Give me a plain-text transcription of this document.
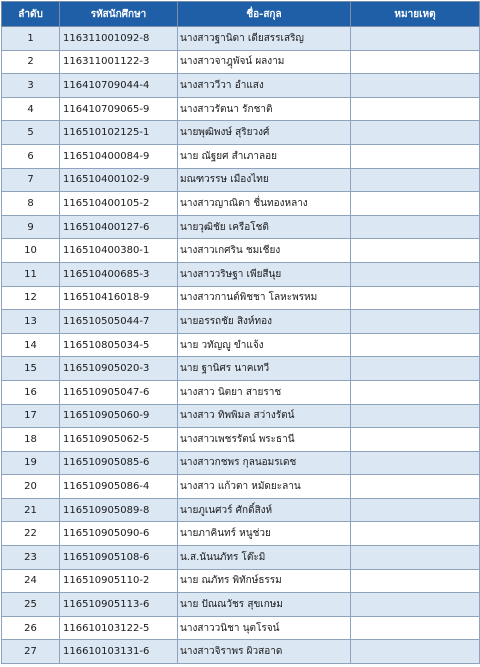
ลำดับ	รหัสนักศึกษา	ชื่อ-สกุล	หมายเหตุ
1	116311001092-8	นางสาวฐานิดา เดียสรรเสริญ	
2	116311001122-3	นางสาวจาฎุพัจน์ ผลงาม	
3	116410709044-4	นางสาววีวา อำแสง	
4	116410709065-9	นางสาวรัตนา รักชาติ	
5	116510102125-1	นายพุฒิพงษ์ สุริยวงศ์	
6	116510400084-9	นาย ณัฐยศ สำเภาลอย	
7	116510400102-9	มณฑวรรษ เมืองไทย	
8	116510400105-2	นางสาวญาณิดา ชื่นทองหลาง	
9	116510400127-6	นายวุฒิชัย เครือโชติ	
10	116510400380-1	นางสาวเกศริน ชมเชียง	
11	116510400685-3	นางสาววริษฐา เพียสีนุย	
12	116510416018-9	นางสาวกานต์พิชชา โลหะพรหม	
13	116510505044-7	นายอรรถชัย สิงห์ทอง	
14	116510805034-5	นาย วทัญญู ขำแจ้ง	
15	116510905020-3	นาย ฐานิศร นาคเทวี	
16	116510905047-6	นางสาว นิตยา สายราช	
17	116510905060-9	นางสาว ทิพพิมล สว่างรัตน์	
18	116510905062-5	นางสาวเพชรรัตน์ พระธานี	
19	116510905085-6	นางสาวกชพร กุลนอมรเดช	
20	116510905086-4	นางสาว แก้วตา หมัดยะลาน	
21	116510905089-8	นายภูเนศวร์ ศักดิ์สิงห์	
22	116510905090-6	นายภาคินทร์ หนูช่วย	
23	116510905108-6	น.ส.นันนภัทร โต๊ะมิ	
24	116510905110-2	นาย ณภัทร พิทักษ์ธรรม	
25	116510905113-6	นาย ปัณณวัชร สุขเกษม	
26	116610103122-5	นางสาววนิชา นุตโรจน์	
27	116610103131-6	นางสาวจิราพร ผิวสอาด	
